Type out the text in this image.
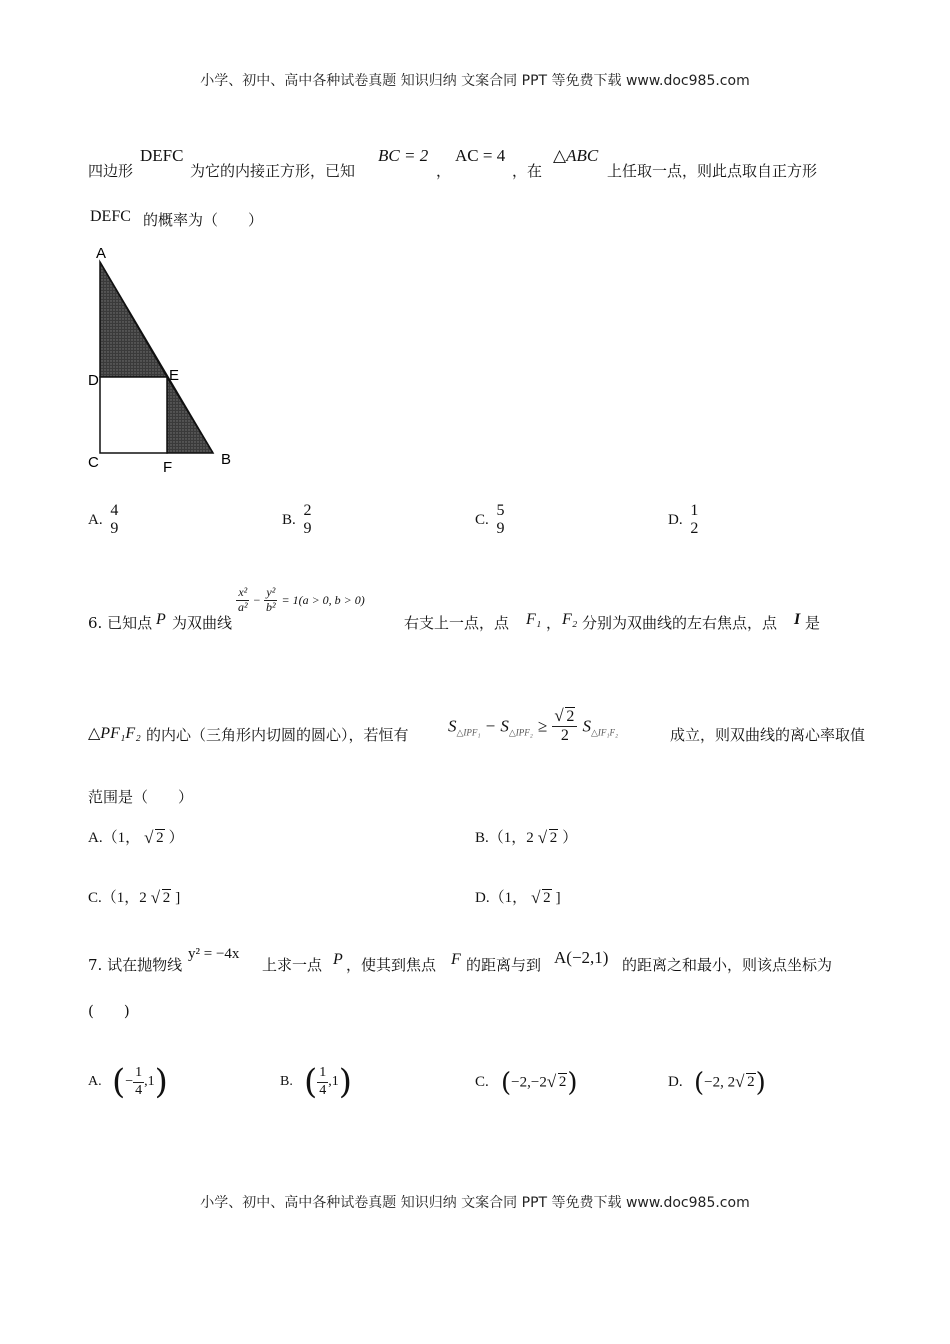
小学、初中、高中各种试卷真题 知识归纳 文案合同 PPT 等免费下载 www.doc985.com
四边形
DEFC
为它的内接正方形，已知
BC = 2
，
AC = 4
，在
△ABC
上任取一点，则此点取自正方形
DEFC 的概率为（　　）
A
D	E
C	F	B
A.
4
9
B.
2
9
C.
5
9
D.
1
2
6. 已知点 P 为双曲线
$\frac{\text{x²}}{\text{a²}} - \frac{\text{y²}}{\text{b²}} = 1(a > 0$, b > 0)
右支上一点，点 F₁ ， F₂ 分别为双曲线的左右焦点，点 I 是
△PF₁F₂ 的内心（三角形内切圆的圆心），若恒有 $S_{\triangle IPF_1} - S_{\triangle IPF_2} \ge \frac{√ 2}{2} S_{\triangle IF_1F_2}$	成立，则双曲线的离心率取值
范围是（　　）
A.（1， √ 2 ）	B.（1，2 √ 2 ）
C.（1，2 √ 2 ]	D.（1， √ 2 ]
7. 试在抛物线
y² = −4x
上求一点 P ，使其到焦点 F 的距离与到 A(−2,1) 的距离之和最小，则该点坐标为
(　　)
A. (− $\frac{1}{4} ,1$)	B. ( $\frac{1}{4} ,1$)	C. (−2,−2 √ 2)	D. (−2, 2 √ 2)
小学、初中、高中各种试卷真题 知识归纳 文案合同 PPT 等免费下载 www.doc985.com
